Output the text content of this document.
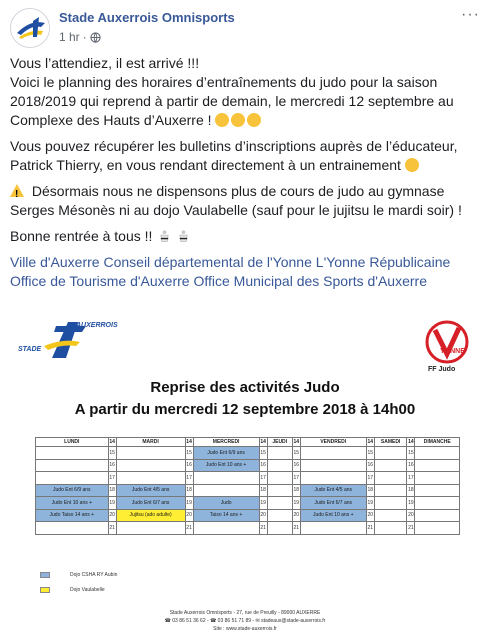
Stade Auxerrois Omnisports
1 hr ·
···

Vous l’attendiez, il est arrivé !!!
Voici le planning des horaires d’entraînements du judo pour la saison 2018/2019 qui reprend à partir de demain, le mercredi 12 septembre au Complexe des Hauts d’Auxerre !

Vous pouvez récupérer les bulletins d’inscriptions auprès de l’éducateur, Patrick Thierry, en vous rendant directement à un entrainement

! Désormais nous ne dispensons plus de cours de judo au gymnase Serges Mésonès ni au dojo Vaulabelle (sauf pour le jujitsu le mardi soir) !

Bonne rentrée à tous !!

Ville d'Auxerre Conseil départemental de l'Yonne L'Yonne Républicaine Office de Tourisme d'Auxerre Office Municipal des Sports d'Auxerre

STADE
AUXERROIS
YONNE
FF Judo
Reprise des activités Judo
A partir du mercredi 12 septembre 2018 à 14h00
LUNDI	14	MARDI	14	MERCREDI	14	JEUDI	14	VENDREDI	14	SAMEDI	14	DIMANCHE
	15		15	Judo Ent 6/9 ans	15		15		15		15	
	16		16	Judo Ent 10 ans +	16		16		16		16	
	17		17		17		17		17		17	
Judo Ent 6/9 ans	18	Judo Ent 4/5 ans	18		18		18	Judo Ent 4/5 ans	18		18	
Judo Ent 10 ans +	19	Judo Ent 6/7 ans	19	Judo	19		19	Judo Ent 6/7 ans	19		19	
Judo Taiso 14 ans +	20	Jujitsu (ado adulte)	20	Taiso 14 ans +	20		20	Judo Ent 10 ans +	20		20	
	21		21		21		21		21		21	
Dojo CSHA RY Aubin
Dojo Vaulabelle
Stade Auxerrois Omnisports - 27, rue de Preuilly - 89000 AUXERRE
☎ 03 86 51 36 62 - ☎ 03 86 51 71 89 - ✉ stadeaux@stade-auxerrois.fr
Site : www.stade-auxerrois.fr
